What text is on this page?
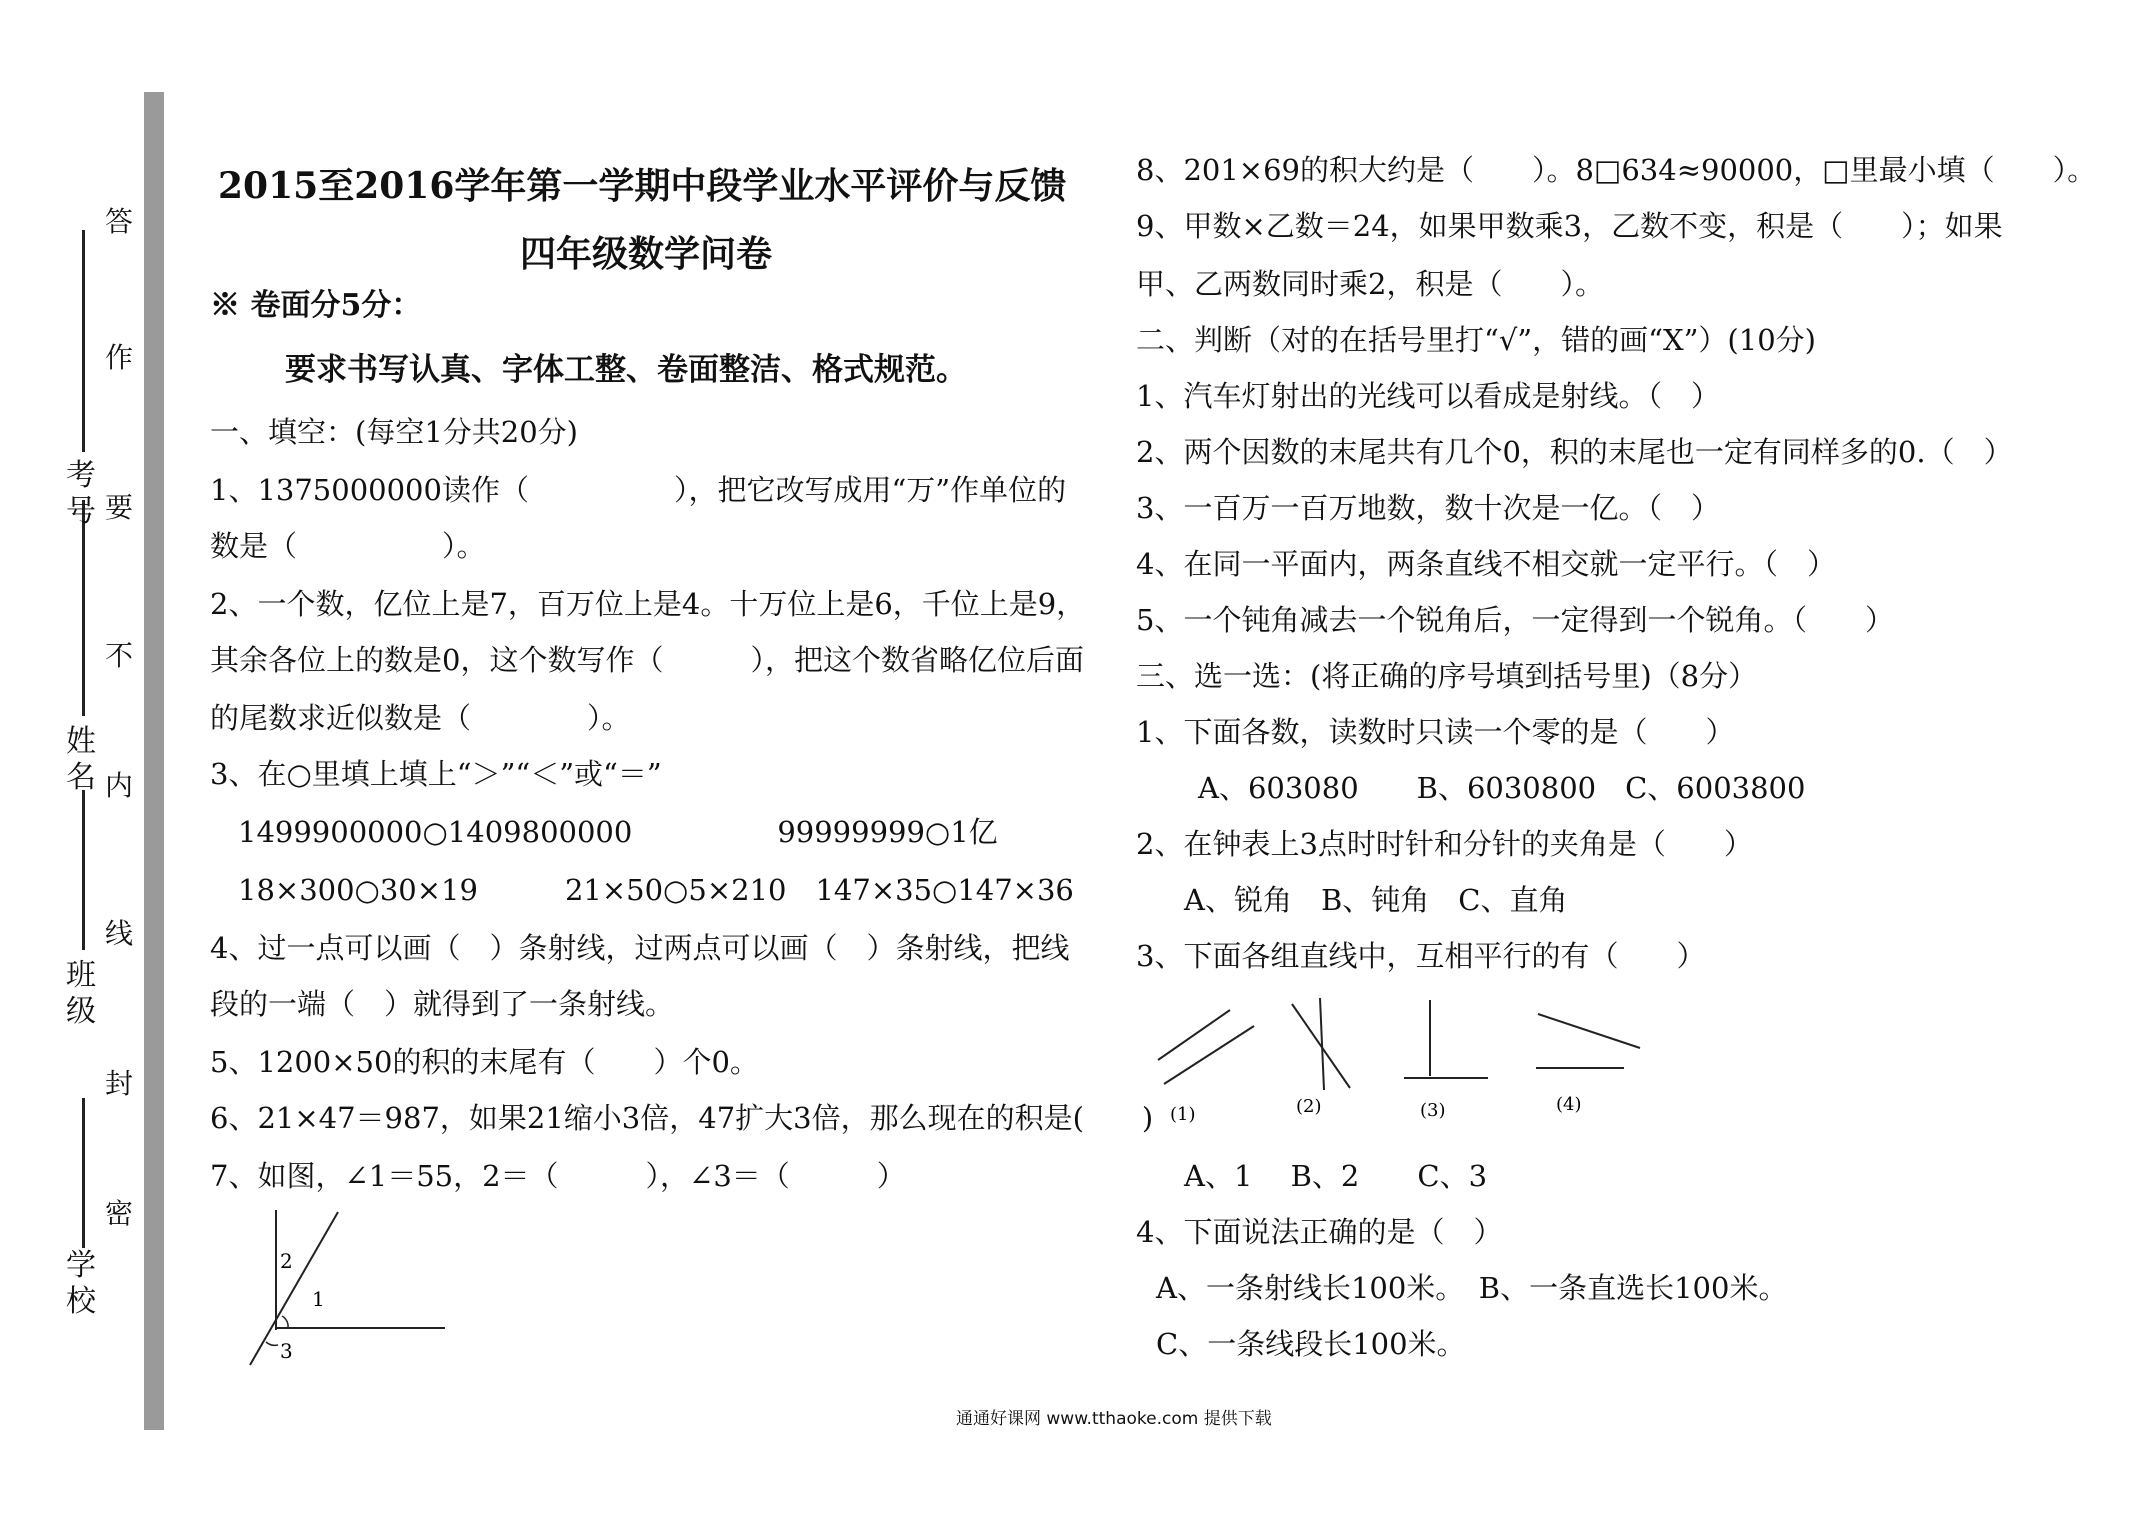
学校
班级
姓名
考号
答
作
要
不
内
线
封
密
2015至2016学年第一学期中段学业水平评价与反馈
四年级数学问卷
※ 卷面分5分：
要求书写认真、字体工整、卷面整洁、格式规范。
一、填空：(每空1分共20分)
1、1375000000读作（　　　　　），把它改写成用“万”作单位的
数是（　　　　　）。
2、一个数，亿位上是7，百万位上是4。十万位上是6，千位上是9，
其余各位上的数是0，这个数写作（　　　），把这个数省略亿位后面
的尾数求近似数是（　　　　）。
3、在○里填上填上“＞”“＜”或“＝”
1499900000○1409800000　　　　　99999999○1亿
18×300○30×19　　　21×50○5×210　147×35○147×36
4、过一点可以画（　）条射线，过两点可以画（　）条射线，把线
段的一端（　）就得到了一条射线。
5、1200×50的积的末尾有（　　）个0。
6、21×47＝987，如果21缩小3倍，47扩大3倍，那么现在的积是(　　)
7、如图，∠1＝55，2＝（　　　），∠3＝（　　　）
2
1
3
8、201×69的积大约是（　　）。8□634≈90000，□里最小填（　　）。
9、甲数×乙数＝24，如果甲数乘3，乙数不变，积是（　　）；如果
甲、乙两数同时乘2，积是（　　）。
二、判断（对的在括号里打“√”，错的画“X”）(10分)
1、汽车灯射出的光线可以看成是射线。（　）
2、两个因数的末尾共有几个0，积的末尾也一定有同样多的0.（　）
3、一百万一百万地数，数十次是一亿。（　）
4、在同一平面内，两条直线不相交就一定平行。（　）
5、一个钝角减去一个锐角后，一定得到一个锐角。（　　）
三、选一选：(将正确的序号填到括号里)（8分）
1、下面各数，读数时只读一个零的是（　　）
A、603080　　B、6030800　C、6003800
2、在钟表上3点时时针和分针的夹角是（　　）
A、锐角　B、钝角　C、直角
3、下面各组直线中，互相平行的有（　　）
(1)	(2)	(3)	(4)
A、1　 B、2　　C、3
4、下面说法正确的是（　）
A、一条射线长100米。　B、一条直选长100米。
C、一条线段长100米。
通通好课网 www.tthaoke.com 提供下载
